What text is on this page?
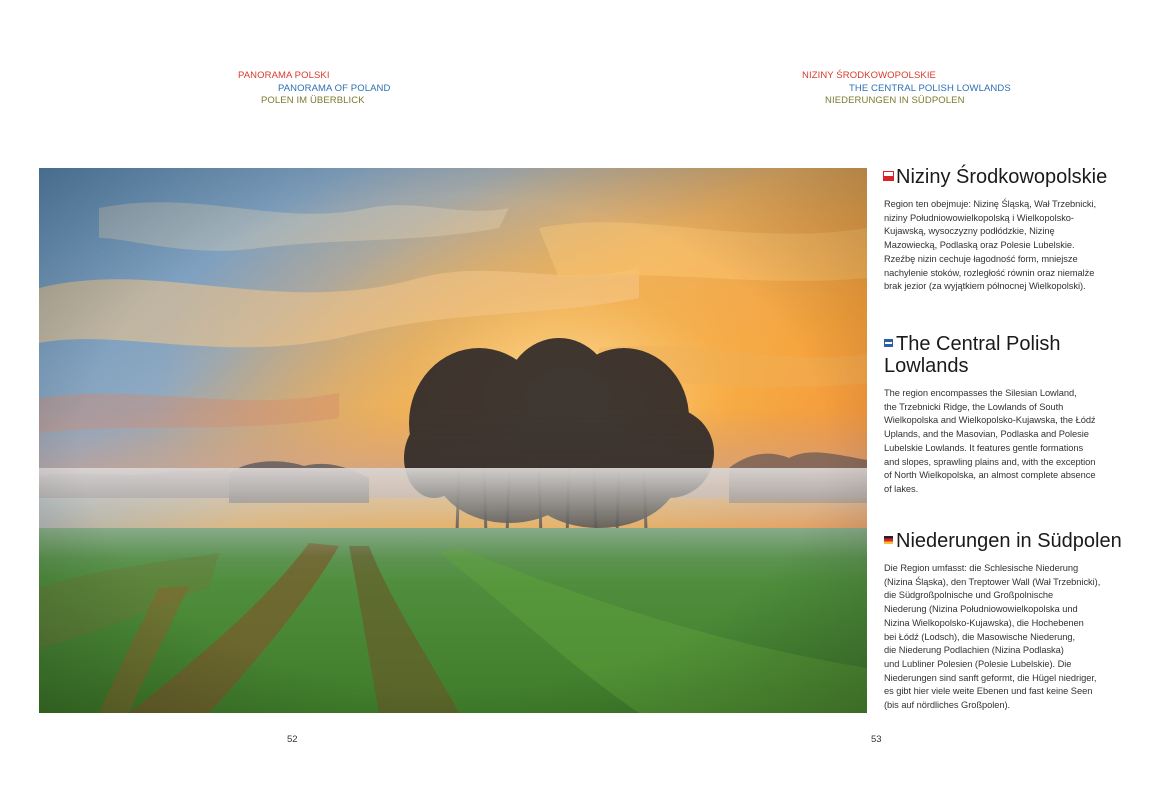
PANORAMA POLSKI
PANORAMA OF POLAND
POLEN IM ÜBERBLICK
NIZINY ŚRODKOWOPOLSKIE
THE CENTRAL POLISH LOWLANDS
NIEDERUNGEN IN SÜDPOLEN
Niziny Środkowopolskie

Region ten obejmuje: Nizinę Śląską, Wał Trzebnicki,
niziny Południowowielkopolską i Wielkopolsko-
Kujawską, wysoczyzny podłódzkie, Nizinę
Mazowiecką, Podlaską oraz Polesie Lubelskie.
Rzeźbę nizin cechuje łagodność form, mniejsze
nachylenie stoków, rozległość równin oraz niemalże
brak jezior (za wyjątkiem północnej Wielkopolski).

The Central Polish Lowlands

The region encompasses the Silesian Lowland,
the Trzebnicki Ridge, the Lowlands of South
Wielkopolska and Wielkopolsko-Kujawska, the Łódź
Uplands, and the Masovian, Podlaska and Polesie
Lubelskie Lowlands. It features gentle formations
and slopes, sprawling plains and, with the exception
of North Wielkopolska, an almost complete absence
of lakes.

Niederungen in Südpolen

Die Region umfasst: die Schlesische Niederung
(Nizina Śląska), den Treptower Wall (Wał Trzebnicki),
die Südgroßpolnische und Großpolnische
Niederung (Nizina Południowowielkopolska und
Nizina Wielkopolsko-Kujawska), die Hochebenen
bei Łódź (Lodsch), die Masowische Niederung,
die Niederung Podlachien (Nizina Podlaska)
und Lubliner Polesien (Polesie Lubelskie). Die
Niederungen sind sanft geformt, die Hügel niedriger,
es gibt hier viele weite Ebenen und fast keine Seen
(bis auf nördliches Großpolen).

52	53
